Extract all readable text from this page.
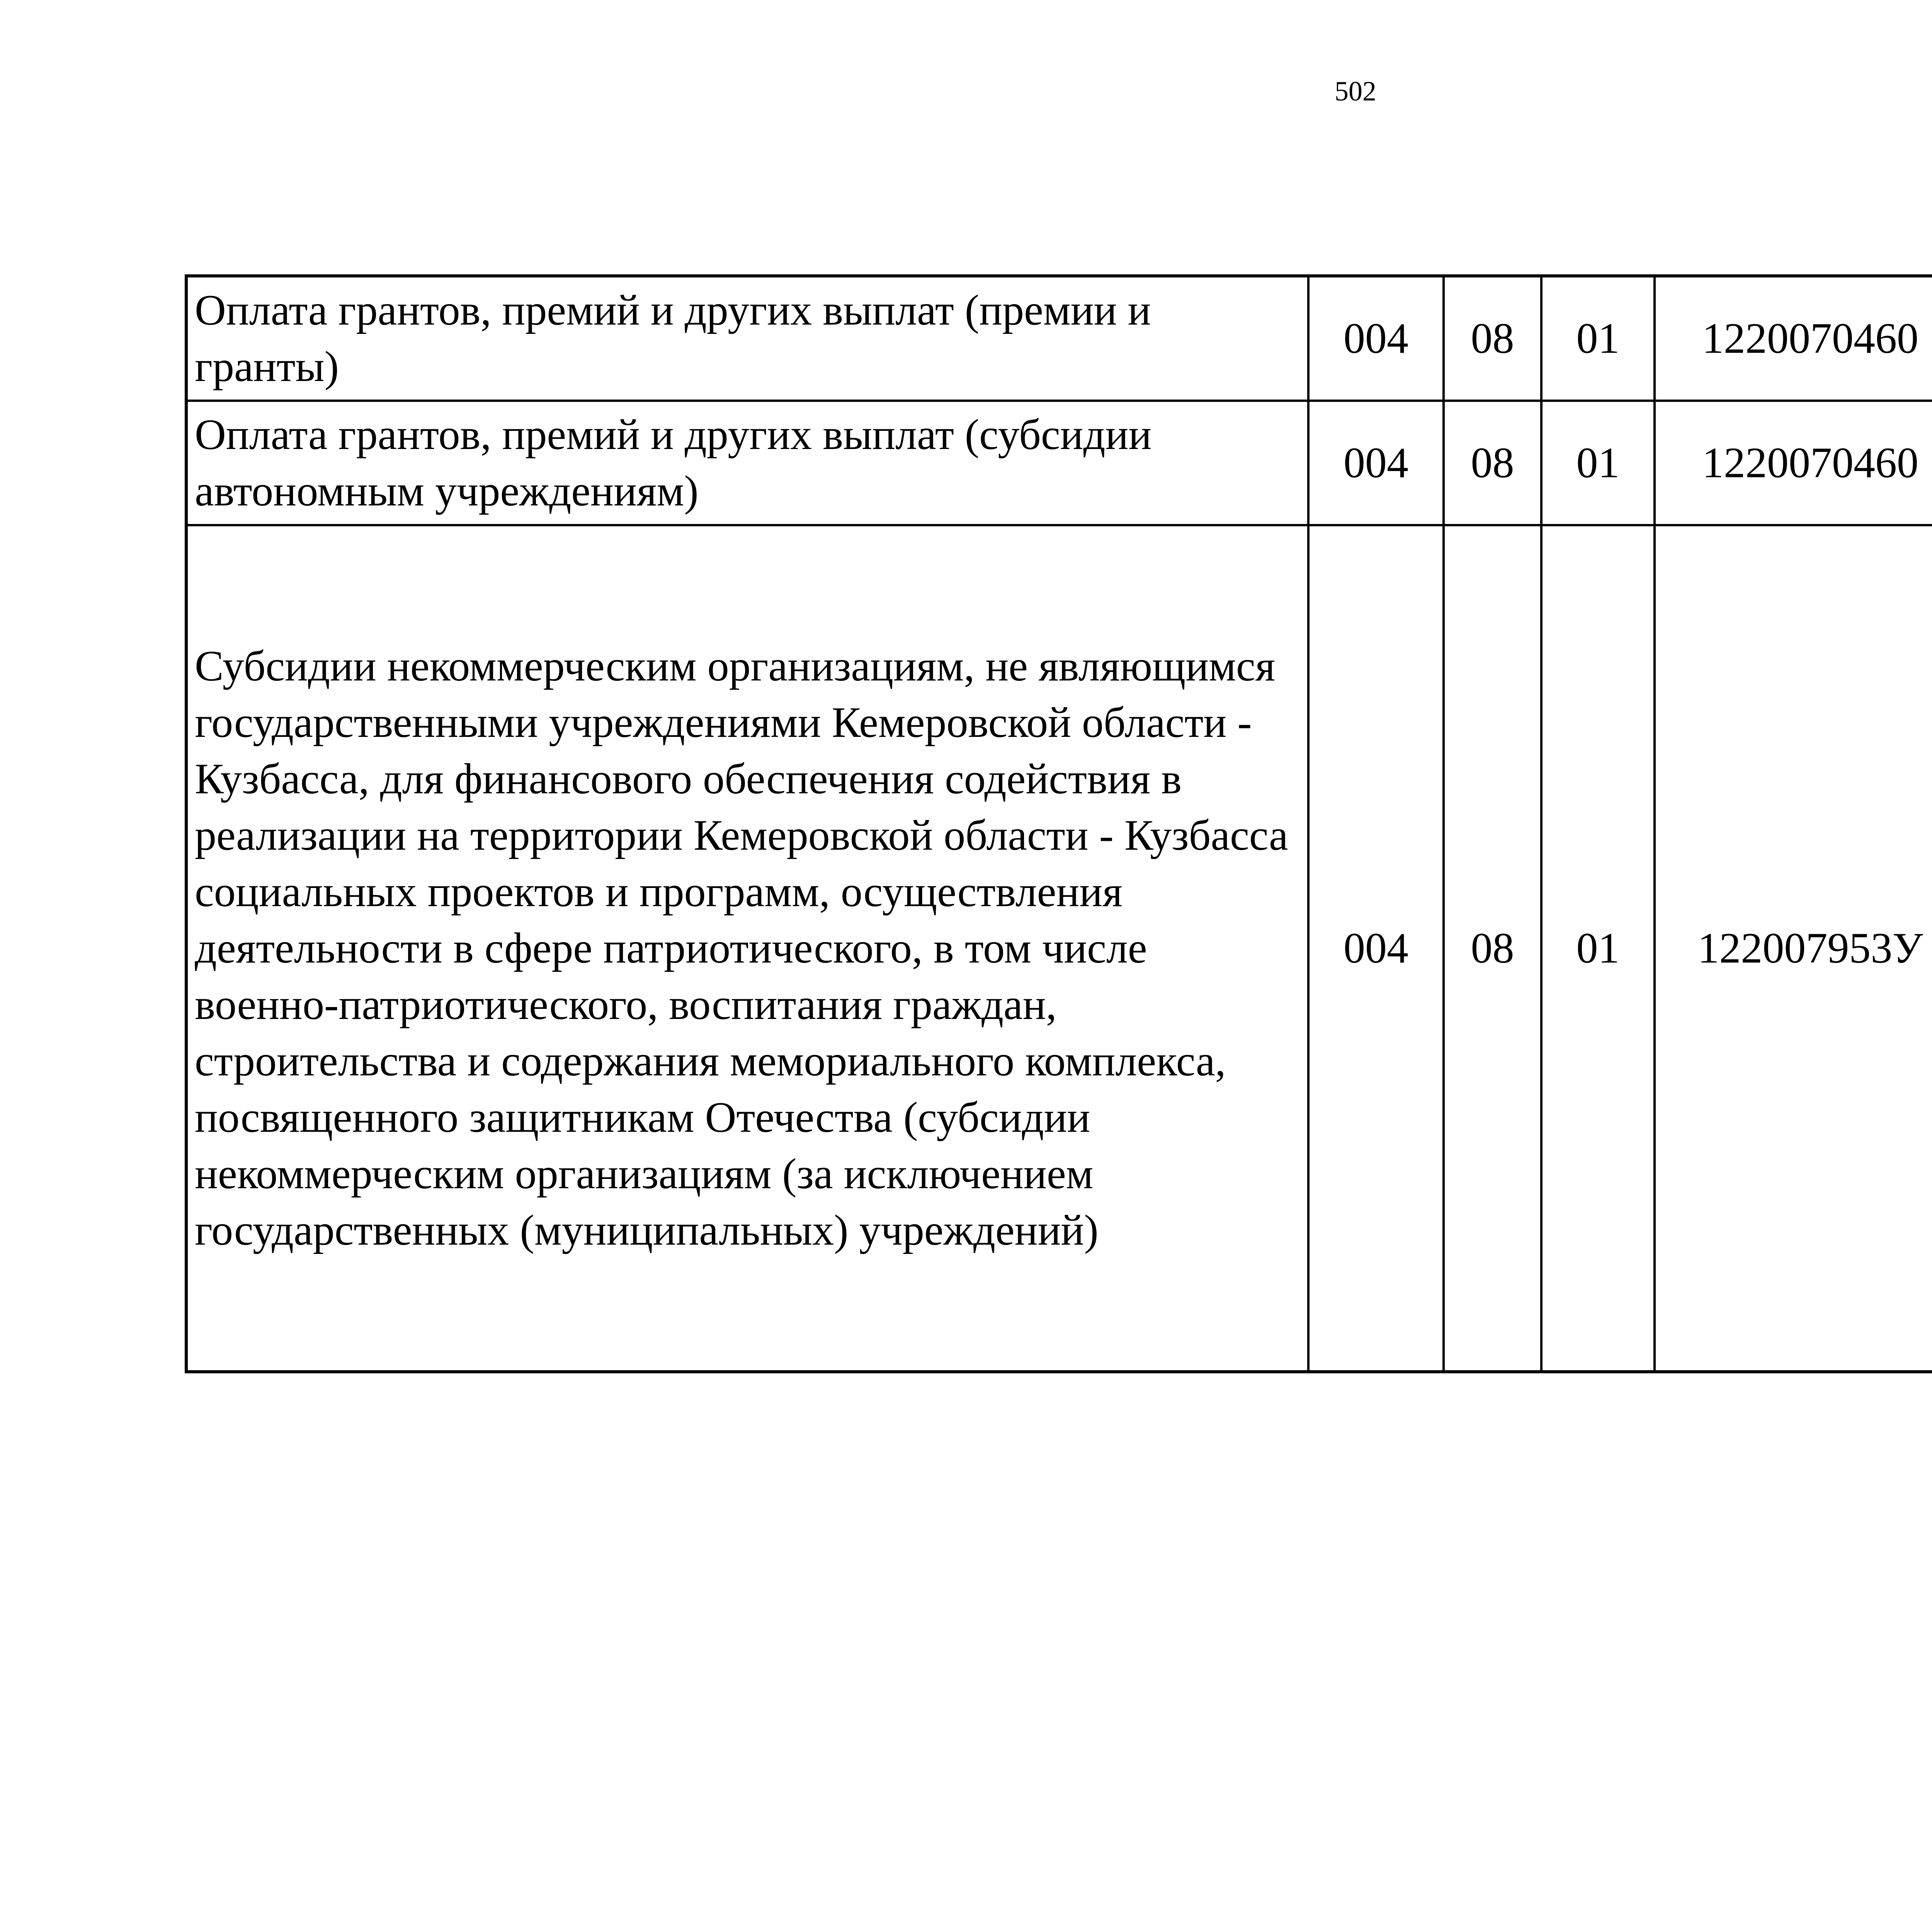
502
Оплата грантов, премий и других выплат (премии и гранты)	004	08	01	1220070460		
Оплата грантов, премий и других выплат (субсидии автономным учреждениям)	004	08	01	1220070460		
Субсидии некоммерческим организациям, не являющимся государственными учреждениями Кемеровской области - Кузбасса, для финансового обеспечения содействия в реализации на территории Кемеровской области - Кузбасса социальных проектов и программ, осуществления деятельности в сфере патриотического, в том числе военно-патриотического, воспитания граждан, строительства и содержания мемориального комплекса, посвященного защитникам Отечества (субсидии некоммерческим организациям (за исключением государственных (муниципальных) учреждений)	004	08	01	122007953У		
